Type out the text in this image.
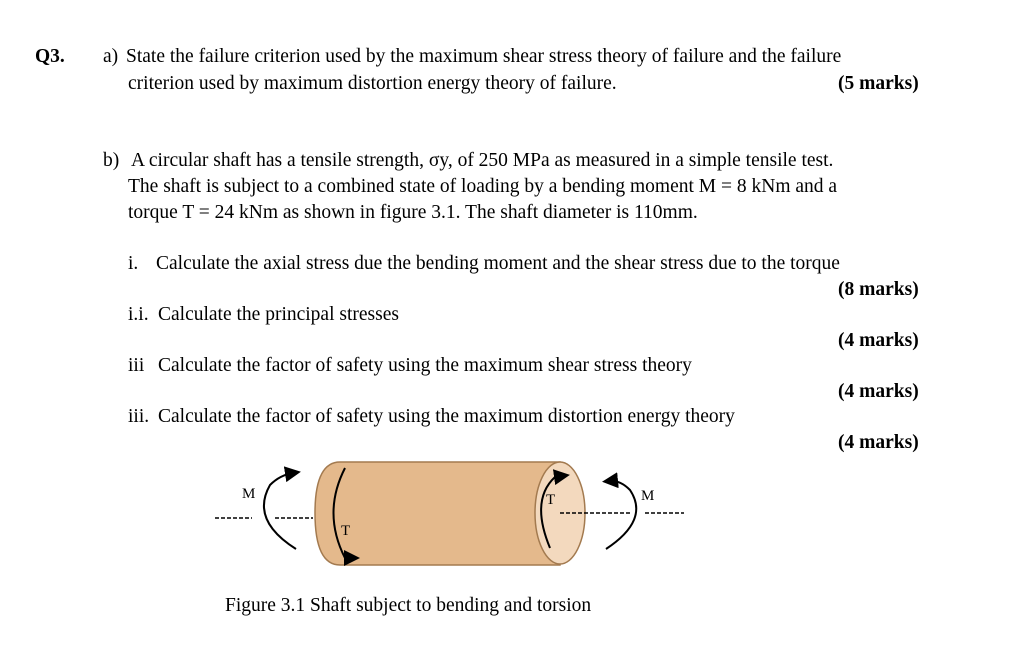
Q3. a) State the failure criterion used by the maximum shear stress theory of failure and the failure
criterion used by maximum distortion energy theory of failure.	(5 marks)
b) A circular shaft has a tensile strength, σy, of 250 MPa as measured in a simple tensile test.
The shaft is subject to a combined state of loading by a bending moment M = 8 kNm and a
torque T = 24 kNm as shown in figure 3.1. The shaft diameter is 110mm.
i. Calculate the axial stress due the bending moment and the shear stress due to the torque
(8 marks)
i.i. Calculate the principal stresses
(4 marks)
iii Calculate the factor of safety using the maximum shear stress theory
(4 marks)
iii. Calculate the factor of safety using the maximum distortion energy theory
(4 marks)
M	M
T
T
Figure 3.1 Shaft subject to bending and torsion
